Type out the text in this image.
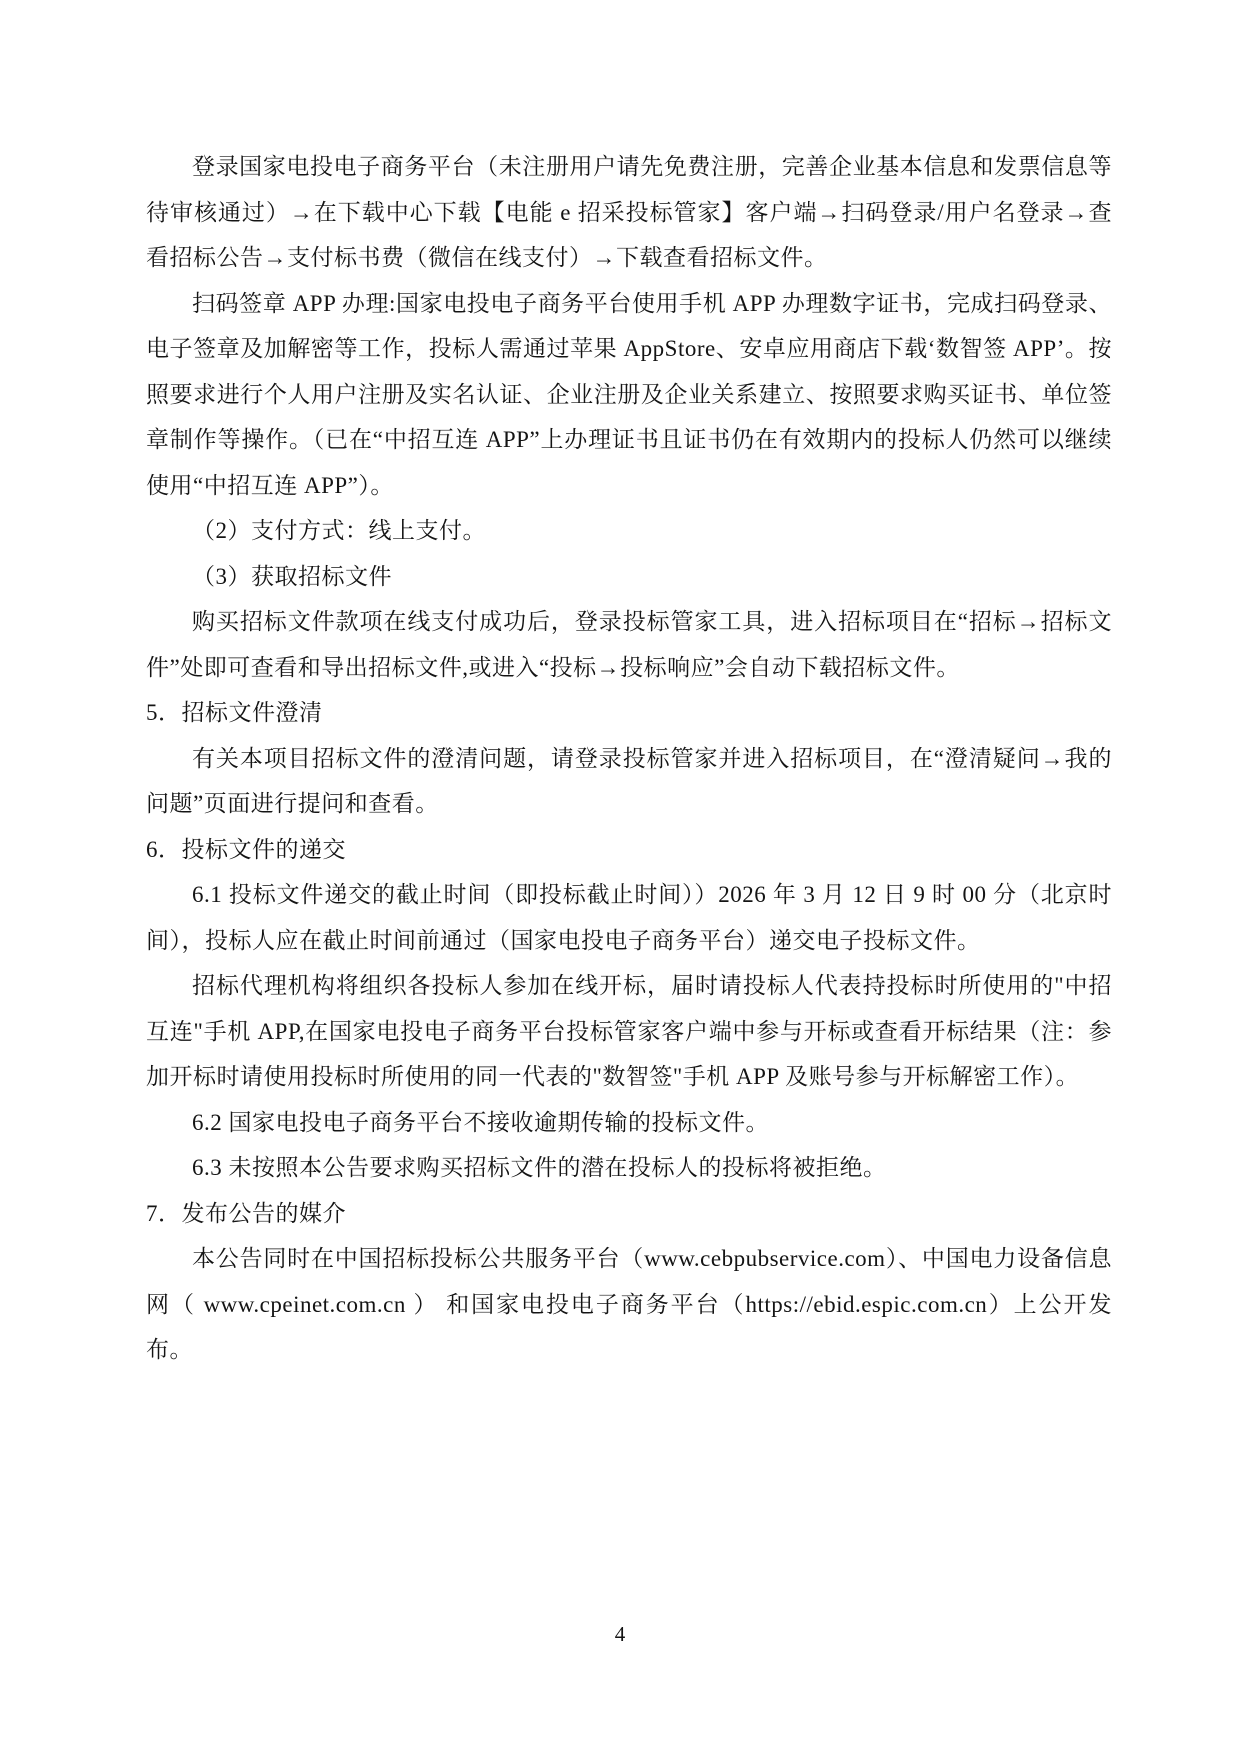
登录国家电投电子商务平台（未注册用户请先免费注册，完善企业基本信息和发票信息等待审核通过）→在下载中心下载【电能 e 招采投标管家】客户端→扫码登录/用户名登录→查看招标公告→支付标书费（微信在线支付）→下载查看招标文件。

扫码签章 APP 办理:国家电投电子商务平台使用手机 APP 办理数字证书，完成扫码登录、电子签章及加解密等工作，投标人需通过苹果 AppStore、安卓应用商店下载‘数智签 APP’。按照要求进行个人用户注册及实名认证、企业注册及企业关系建立、按照要求购买证书、单位签章制作等操作。（已在“中招互连 APP”上办理证书且证书仍在有效期内的投标人仍然可以继续使用“中招互连 APP”）。

（2）支付方式：线上支付。

（3）获取招标文件

购买招标文件款项在线支付成功后，登录投标管家工具，进入招标项目在“招标→招标文件”处即可查看和导出招标文件,或进入“投标→投标响应”会自动下载招标文件。

5．招标文件澄清

有关本项目招标文件的澄清问题，请登录投标管家并进入招标项目，在“澄清疑问→我的问题”页面进行提问和查看。

6．投标文件的递交

6.1 投标文件递交的截止时间（即投标截止时间））2026 年 3 月 12 日 9 时 00 分（北京时间），投标人应在截止时间前通过（国家电投电子商务平台）递交电子投标文件。

招标代理机构将组织各投标人参加在线开标，届时请投标人代表持投标时所使用的"中招互连"手机 APP,在国家电投电子商务平台投标管家客户端中参与开标或查看开标结果（注：参加开标时请使用投标时所使用的同一代表的"数智签"手机 APP 及账号参与开标解密工作）。

6.2 国家电投电子商务平台不接收逾期传输的投标文件。

6.3 未按照本公告要求购买招标文件的潜在投标人的投标将被拒绝。

7．发布公告的媒介

本公告同时在中国招标投标公共服务平台（www.cebpubservice.com）、中国电力设备信息网（ www.cpeinet.com.cn ） 和国家电投电子商务平台（https://ebid.espic.com.cn）上公开发布。

4
